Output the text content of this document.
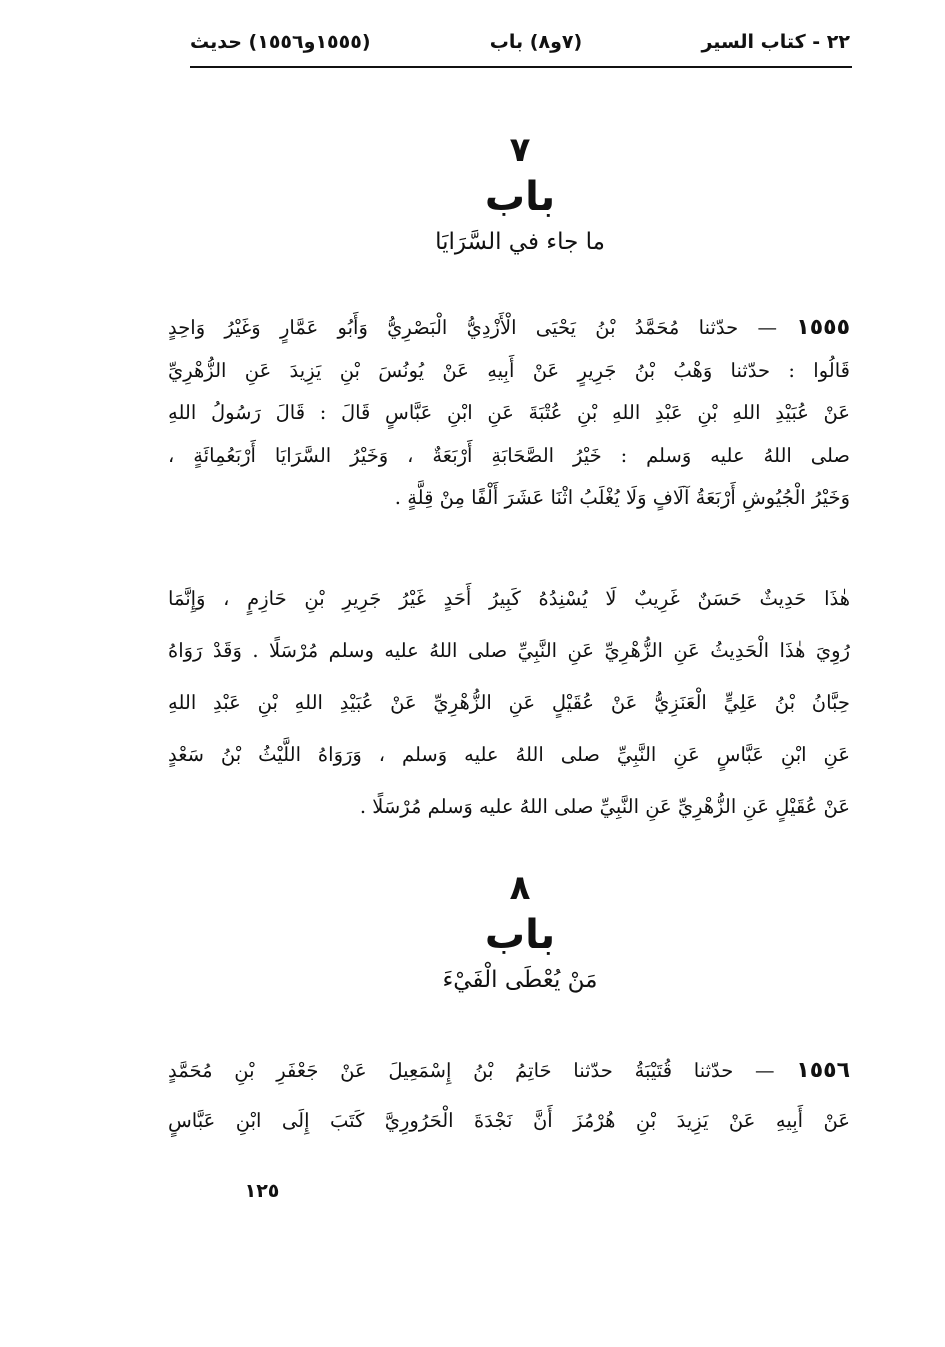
٢٢ - كتاب السير
(٧و٨) باب
(١٥٥٥و١٥٥٦) حديث
٧
باب
ما جاء في السَّرَايَا
١٥٥٥ — حدّثنا مُحَمَّدُ بْنُ يَحْيَى الْأَزْدِيُّ الْبَصْرِيُّ وَأَبُو عَمَّارٍ وَغَيْرُ وَاحِدٍ
قَالُوا : حدّثنا وَهْبُ بْنُ جَرِيرٍ عَنْ أَبِيهِ عَنْ يُونُسَ بْنِ يَزِيدَ عَنِ الزُّهْرِيِّ
عَنْ عُبَيْدِ اللهِ بْنِ عَبْدِ اللهِ بْنِ عُتْبَةَ عَنِ ابْنِ عَبَّاسٍ قَالَ : قَالَ رَسُولُ اللهِ
صلى اللهُ عليه وَسلم : خَيْرُ الصَّحَابَةِ أَرْبَعَةٌ ، وَخَيْرُ السَّرَايَا أَرْبَعُمِائَةٍ ،
وَخَيْرُ الْجُيُوشِ أَرْبَعَةُ آلَافٍ وَلَا يُغْلَبُ اثْنَا عَشَرَ أَلْفًا مِنْ قِلَّةٍ .
هٰذَا حَدِيثٌ حَسَنٌ غَرِيبٌ لَا يُسْنِدُهُ كَبِيرُ أَحَدٍ غَيْرُ جَرِيرِ بْنِ حَازِمٍ ، وَإِنَّمَا
رُوِيَ هٰذَا الْحَدِيثُ عَنِ الزُّهْرِيِّ عَنِ النَّبِيِّ صلى اللهُ عليه وسلم مُرْسَلًا . وَقَدْ رَوَاهُ
حِبَّانُ بْنُ عَلِيٍّ الْعَنَزِيُّ عَنْ عُقَيْلٍ عَنِ الزُّهْرِيِّ عَنْ عُبَيْدِ اللهِ بْنِ عَبْدِ اللهِ
عَنِ ابْنِ عَبَّاسٍ عَنِ النَّبِيِّ صلى اللهُ عليه وَسلم ، وَرَوَاهُ اللَّيْثُ بْنُ سَعْدٍ
عَنْ عُقَيْلٍ عَنِ الزُّهْرِيِّ عَنِ النَّبِيِّ صلى اللهُ عليه وَسلم مُرْسَلًا .
٨
باب
مَنْ يُعْطَى الْفَيْءَ
١٥٥٦ — حدّثنا قُتَيْبَةُ حدّثنا حَاتِمُ بْنُ إِسْمَعِيلَ عَنْ جَعْفَرِ بْنِ مُحَمَّدٍ
عَنْ أَبِيهِ عَنْ يَزِيدَ بْنِ هُرْمُزَ أَنَّ نَجْدَةَ الْحَرُورِيَّ كَتَبَ إِلَى ابْنِ عَبَّاسٍ
١٢٥
